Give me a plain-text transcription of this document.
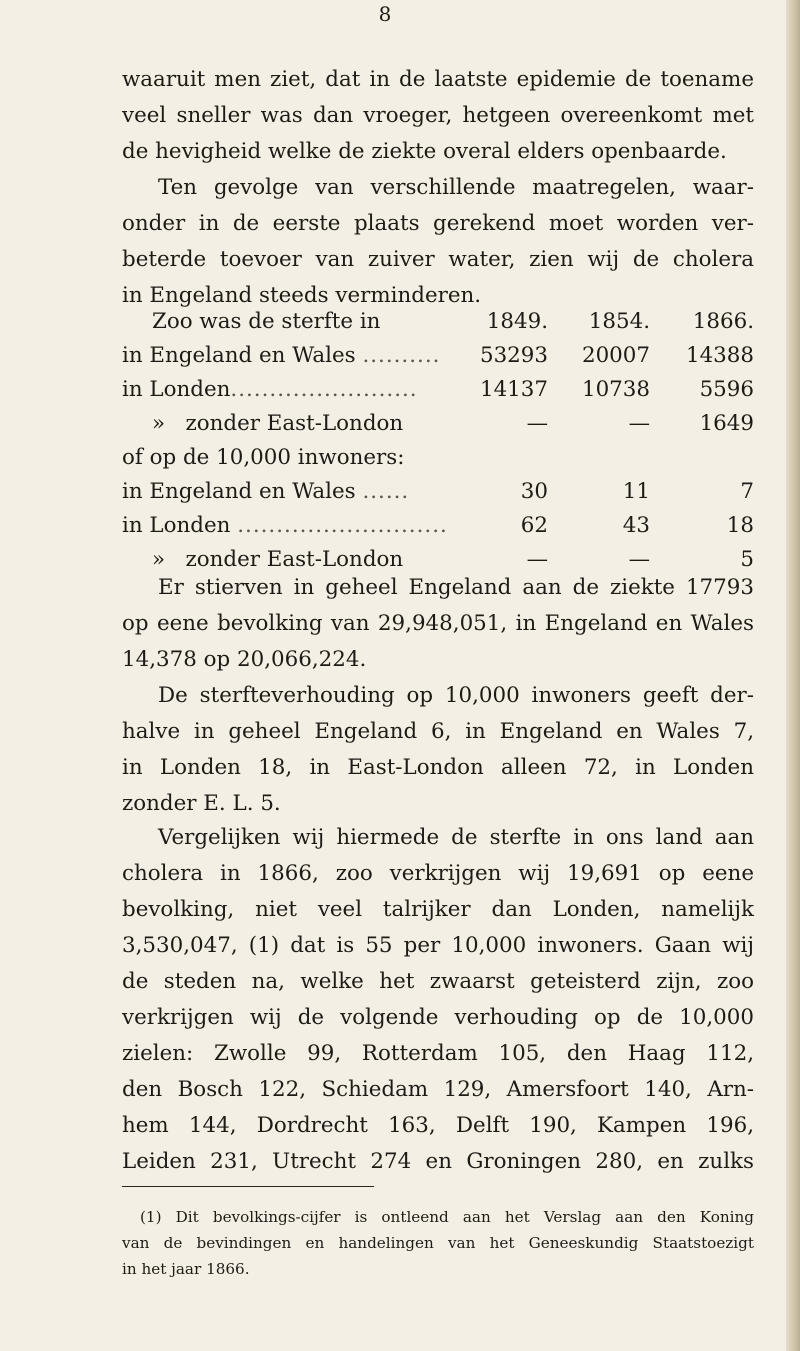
8
waaruit men ziet, dat in de laatste epidemie de toename
veel sneller was dan vroeger, hetgeen overeenkomt met
de hevigheid welke de ziekte overal elders openbaarde.
Ten gevolge van verschillende maatregelen, waar-
onder in de eerste plaats gerekend moet worden ver-
beterde toevoer van zuiver water, zien wij de cholera
in Engeland steeds verminderen.
Zoo was de sterfte in	1849. 1854. 1866.
in Engeland en Wales .......... 53293 20007 14388
in Londen........................	14137 10738 5596
»   zonder East-London	—	— 1649
of op de 10,000 inwoners:
in Engeland en Wales ......	30	11	7
in Londen ...........................	62	43	18
»   zonder East-London	—	—	5
Er stierven in geheel Engeland aan de ziekte 17793
op eene bevolking van 29,948,051, in Engeland en Wales
14,378 op 20,066,224.
De sterfteverhouding op 10,000 inwoners geeft der-
halve in geheel Engeland 6, in Engeland en Wales 7,
in Londen 18, in East-London alleen 72, in Londen
zonder E. L. 5.
Vergelijken wij hiermede de sterfte in ons land aan
cholera in 1866, zoo verkrijgen wij 19,691 op eene
bevolking, niet veel talrijker dan Londen, namelijk
3,530,047, (1) dat is 55 per 10,000 inwoners. Gaan wij
de steden na, welke het zwaarst geteisterd zijn, zoo
verkrijgen wij de volgende verhouding op de 10,000
zielen: Zwolle 99, Rotterdam 105, den Haag 112,
den Bosch 122, Schiedam 129, Amersfoort 140, Arn-
hem 144, Dordrecht 163, Delft 190, Kampen 196,
Leiden 231, Utrecht 274 en Groningen 280, en zulks
(1) Dit bevolkings-cijfer is ontleend aan het Verslag aan den Koning
van de bevindingen en handelingen van het Geneeskundig Staatstoezigt
in het jaar 1866.
